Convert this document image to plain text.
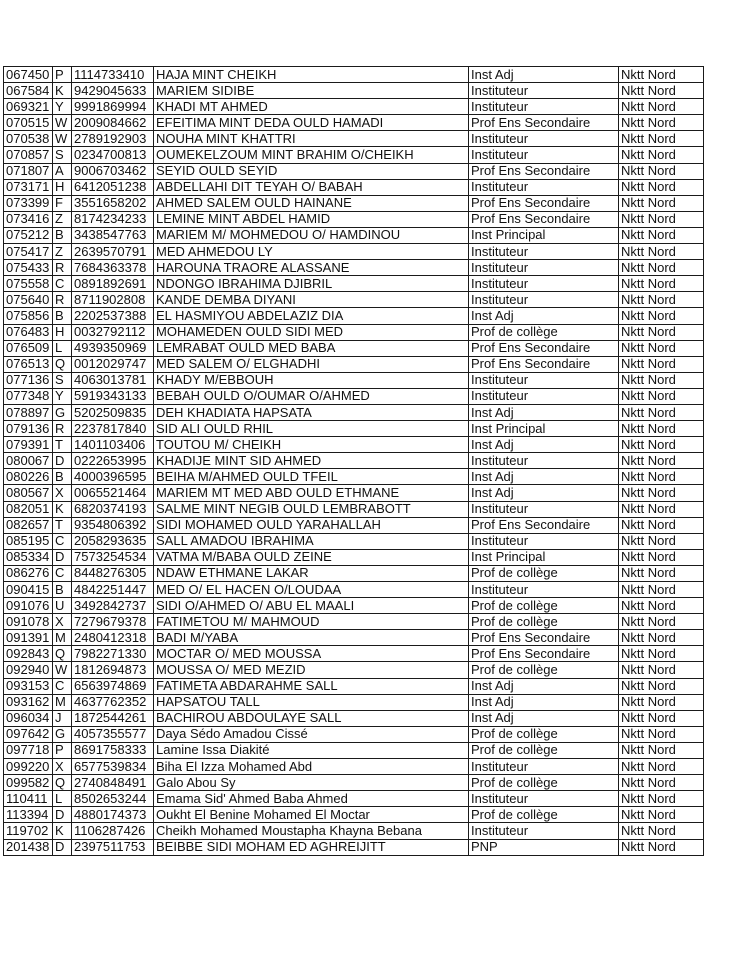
067450	P	1114733410	HAJA MINT CHEIKH	Inst Adj	Nktt Nord
067584	K	9429045633	MARIEM SIDIBE	Instituteur	Nktt Nord
069321	Y	9991869994	KHADI MT AHMED	Instituteur	Nktt Nord
070515	W	2009084662	EFEITIMA MINT DEDA OULD HAMADI	Prof Ens Secondaire	Nktt Nord
070538	W	2789192903	NOUHA MINT KHATTRI	Instituteur	Nktt Nord
070857	S	0234700813	OUMEKELZOUM MINT BRAHIM O/CHEIKH	Instituteur	Nktt Nord
071807	A	9006703462	SEYID OULD SEYID	Prof Ens Secondaire	Nktt Nord
073171	H	6412051238	ABDELLAHI DIT TEYAH O/ BABAH	Instituteur	Nktt Nord
073399	F	3551658202	AHMED SALEM OULD HAINANE	Prof Ens Secondaire	Nktt Nord
073416	Z	8174234233	LEMINE MINT ABDEL HAMID	Prof Ens Secondaire	Nktt Nord
075212	B	3438547763	MARIEM M/ MOHMEDOU O/ HAMDINOU	Inst Principal	Nktt Nord
075417	Z	2639570791	MED AHMEDOU LY	Instituteur	Nktt Nord
075433	R	7684363378	HAROUNA TRAORE ALASSANE	Instituteur	Nktt Nord
075558	C	0891892691	NDONGO IBRAHIMA DJIBRIL	Instituteur	Nktt Nord
075640	R	8711902808	KANDE DEMBA DIYANI	Instituteur	Nktt Nord
075856	B	2202537388	EL HASMIYOU ABDELAZIZ DIA	Inst Adj	Nktt Nord
076483	H	0032792112	MOHAMEDEN OULD SIDI MED	Prof de collège	Nktt Nord
076509	L	4939350969	LEMRABAT OULD MED BABA	Prof Ens Secondaire	Nktt Nord
076513	Q	0012029747	MED SALEM O/ ELGHADHI	Prof Ens Secondaire	Nktt Nord
077136	S	4063013781	KHADY M/EBBOUH	Instituteur	Nktt Nord
077348	Y	5919343133	BEBAH OULD O/OUMAR O/AHMED	Instituteur	Nktt Nord
078897	G	5202509835	DEH KHADIATA HAPSATA	Inst Adj	Nktt Nord
079136	R	2237817840	SID ALI OULD RHIL	Inst Principal	Nktt Nord
079391	T	1401103406	TOUTOU M/ CHEIKH	Inst Adj	Nktt Nord
080067	D	0222653995	KHADIJE MINT SID AHMED	Instituteur	Nktt Nord
080226	B	4000396595	BEIHA M/AHMED OULD TFEIL	Inst Adj	Nktt Nord
080567	X	0065521464	MARIEM MT MED ABD OULD ETHMANE	Inst Adj	Nktt Nord
082051	K	6820374193	SALME MINT NEGIB OULD LEMBRABOTT	Instituteur	Nktt Nord
082657	T	9354806392	SIDI MOHAMED OULD YARAHALLAH	Prof Ens Secondaire	Nktt Nord
085195	C	2058293635	SALL AMADOU IBRAHIMA	Instituteur	Nktt Nord
085334	D	7573254534	VATMA M/BABA OULD ZEINE	Inst Principal	Nktt Nord
086276	C	8448276305	NDAW ETHMANE LAKAR	Prof de collège	Nktt Nord
090415	B	4842251447	MED O/ EL HACEN O/LOUDAA	Instituteur	Nktt Nord
091076	U	3492842737	SIDI O/AHMED O/ ABU EL MAALI	Prof de collège	Nktt Nord
091078	X	7279679378	FATIMETOU M/ MAHMOUD	Prof de collège	Nktt Nord
091391	M	2480412318	BADI M/YABA	Prof Ens Secondaire	Nktt Nord
092843	Q	7982271330	MOCTAR O/ MED MOUSSA	Prof Ens Secondaire	Nktt Nord
092940	W	1812694873	MOUSSA O/ MED MEZID	Prof de collège	Nktt Nord
093153	C	6563974869	FATIMETA ABDARAHME SALL	Inst Adj	Nktt Nord
093162	M	4637762352	HAPSATOU TALL	Inst Adj	Nktt Nord
096034	J	1872544261	BACHIROU ABDOULAYE SALL	Inst Adj	Nktt Nord
097642	G	4057355577	Daya Sédo Amadou Cissé	Prof de collège	Nktt Nord
097718	P	8691758333	Lamine Issa Diakité	Prof de collège	Nktt Nord
099220	X	6577539834	Biha El Izza Mohamed Abd	Instituteur	Nktt Nord
099582	Q	2740848491	Galo Abou Sy	Prof de collège	Nktt Nord
110411	L	8502653244	Emama Sid' Ahmed Baba Ahmed	Instituteur	Nktt Nord
113394	D	4880174373	Oukht El Benine Mohamed El Moctar	Prof de collège	Nktt Nord
119702	K	1106287426	Cheikh Mohamed Moustapha Khayna Bebana	Instituteur	Nktt Nord
201438	D	2397511753	BEIBBE SIDI MOHAM ED AGHREIJITT	PNP	Nktt Nord
